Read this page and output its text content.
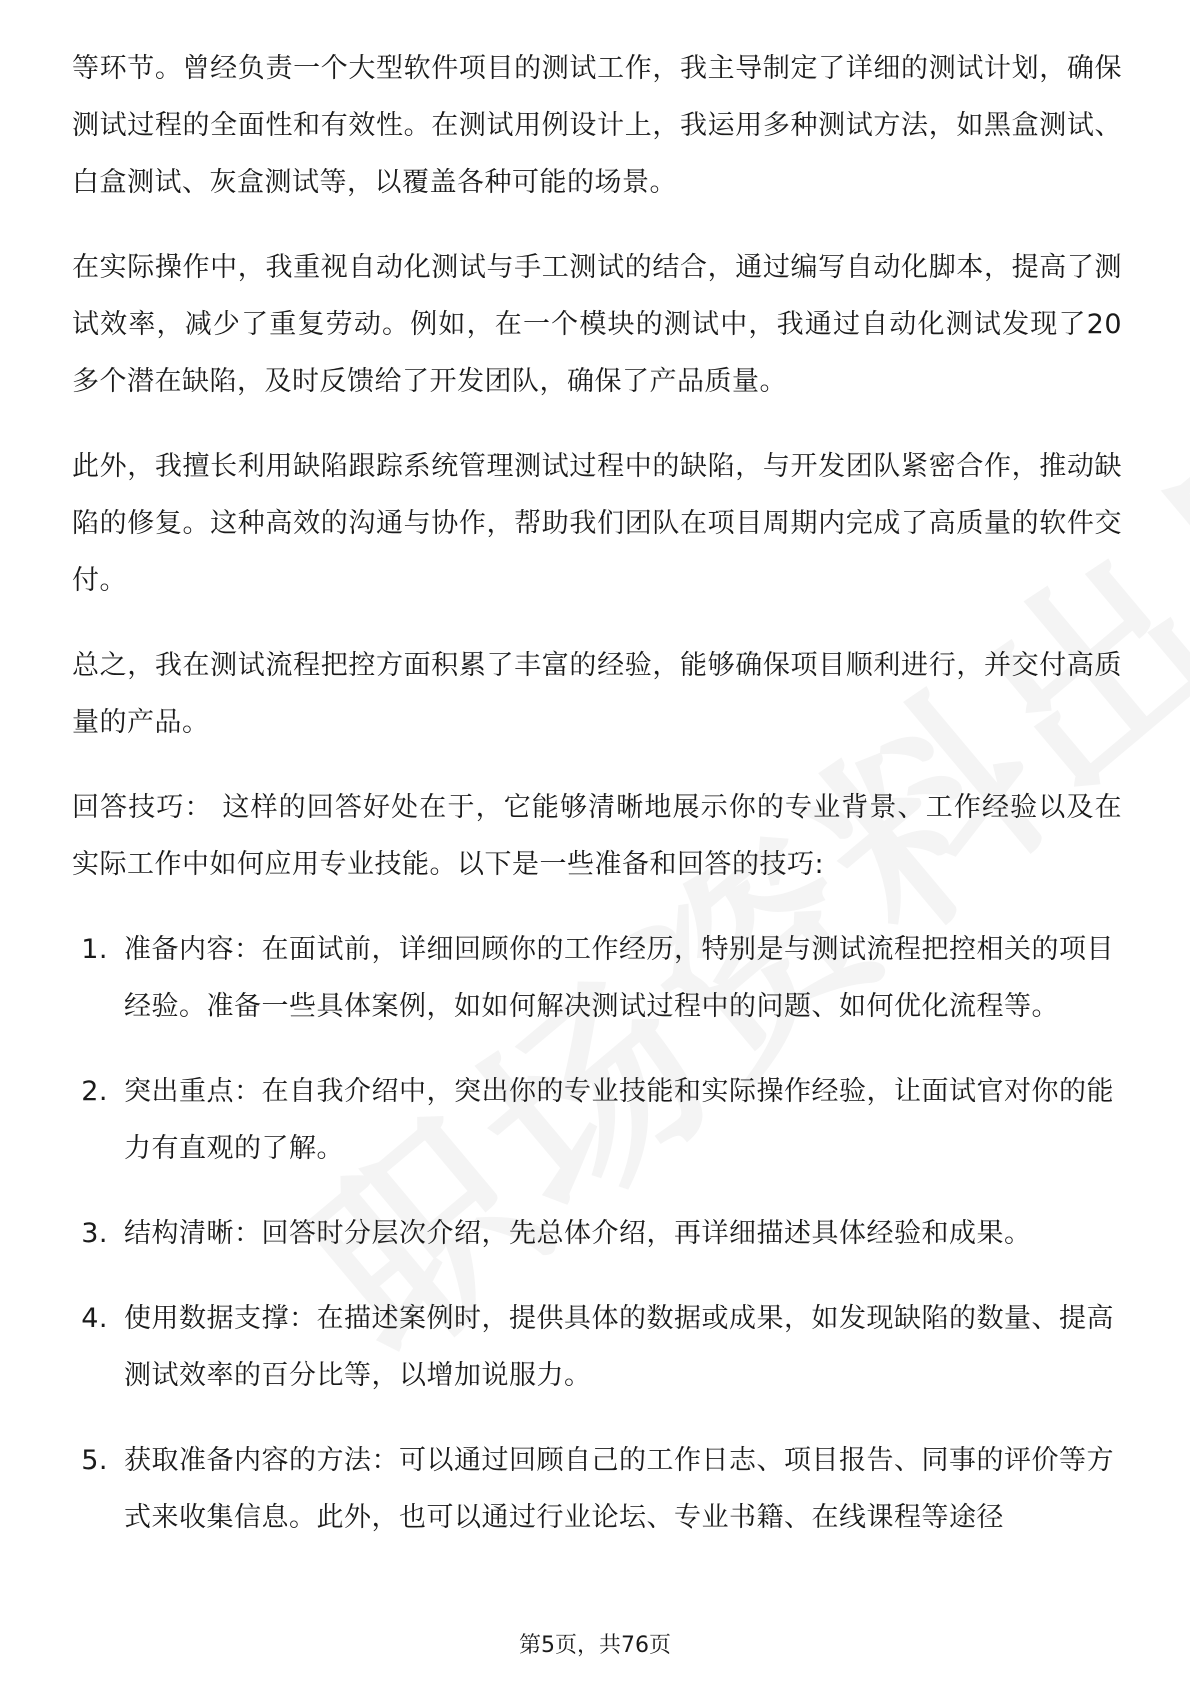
等环节。曾经负责一个大型软件项目的测试工作，我主导制定了详细的测试计划，确保测试过程的全面性和有效性。在测试用例设计上，我运用多种测试方法，如黑盒测试、白盒测试、灰盒测试等，以覆盖各种可能的场景。

在实际操作中，我重视自动化测试与手工测试的结合，通过编写自动化脚本，提高了测试效率，减少了重复劳动。例如，在一个模块的测试中，我通过自动化测试发现了20多个潜在缺陷，及时反馈给了开发团队，确保了产品质量。

此外，我擅长利用缺陷跟踪系统管理测试过程中的缺陷，与开发团队紧密合作，推动缺陷的修复。这种高效的沟通与协作，帮助我们团队在项目周期内完成了高质量的软件交付。

总之，我在测试流程把控方面积累了丰富的经验，能够确保项目顺利进行，并交付高质量的产品。

回答技巧： 这样的回答好处在于，它能够清晰地展示你的专业背景、工作经验以及在实际工作中如何应用专业技能。以下是一些准备和回答的技巧:

1. 准备内容：在面试前，详细回顾你的工作经历，特别是与测试流程把控相关的项目经验。准备一些具体案例，如如何解决测试过程中的问题、如何优化流程等。
2. 突出重点：在自我介绍中，突出你的专业技能和实际操作经验，让面试官对你的能力有直观的了解。
3. 结构清晰：回答时分层次介绍，先总体介绍，再详细描述具体经验和成果。
4. 使用数据支撑：在描述案例时，提供具体的数据或成果，如发现缺陷的数量、提高测试效率的百分比等，以增加说服力。
5. 获取准备内容的方法：可以通过回顾自己的工作日志、项目报告、同事的评价等方式来收集信息。此外，也可以通过行业论坛、专业书籍、在线课程等途径
第5页，共76页
